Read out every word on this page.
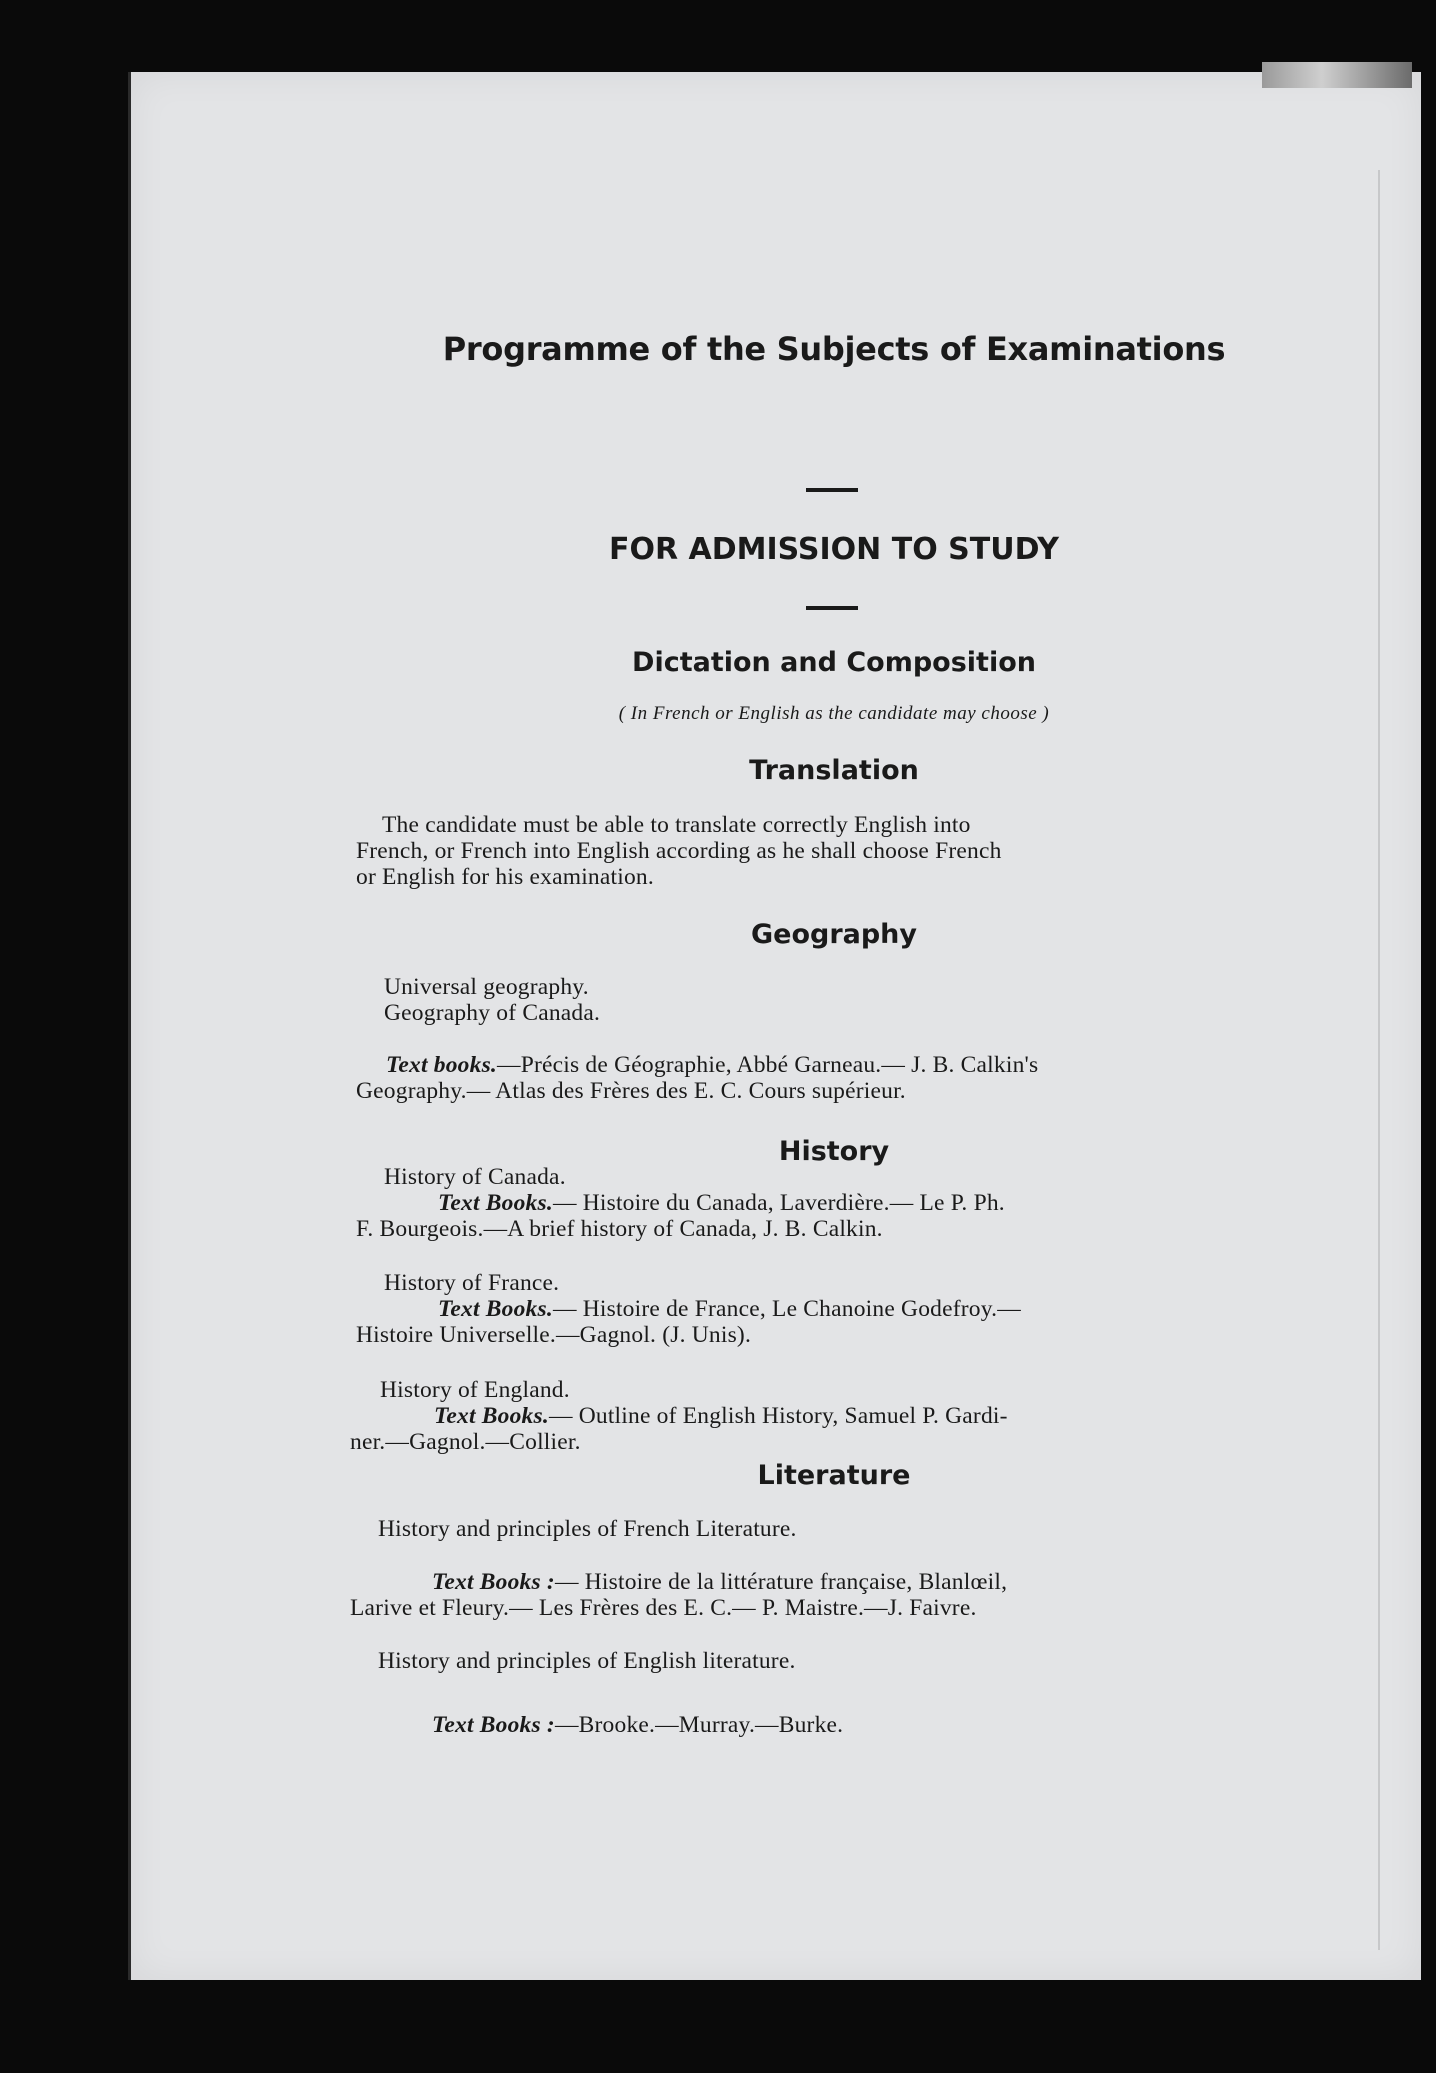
Programme of the Subjects of Examinations
FOR ADMISSION TO STUDY
Dictation and Composition
( In French or English as the candidate may choose )
Translation
The candidate must be able to translate correctly English into
French, or French into English according as he shall choose French
or English for his examination.
Geography
Universal geography.
Geography of Canada.
Text books.—Précis de Géographie, Abbé Garneau.— J. B. Calkin's
Geography.— Atlas des Frères des E. C. Cours supérieur.
History
History of Canada.
Text Books.— Histoire du Canada, Laverdière.— Le P. Ph.
F. Bourgeois.—A brief history of Canada, J. B. Calkin.
History of France.
Text Books.— Histoire de France, Le Chanoine Godefroy.—
Histoire Universelle.—Gagnol. (J. Unis).
History of England.
Text Books.— Outline of English History, Samuel P. Gardi-
ner.—Gagnol.—Collier.
Literature
History and principles of French Literature.
Text Books :— Histoire de la littérature française, Blanlœil,
Larive et Fleury.— Les Frères des E. C.— P. Maistre.—J. Faivre.
History and principles of English literature.
Text Books :—Brooke.—Murray.—Burke.
